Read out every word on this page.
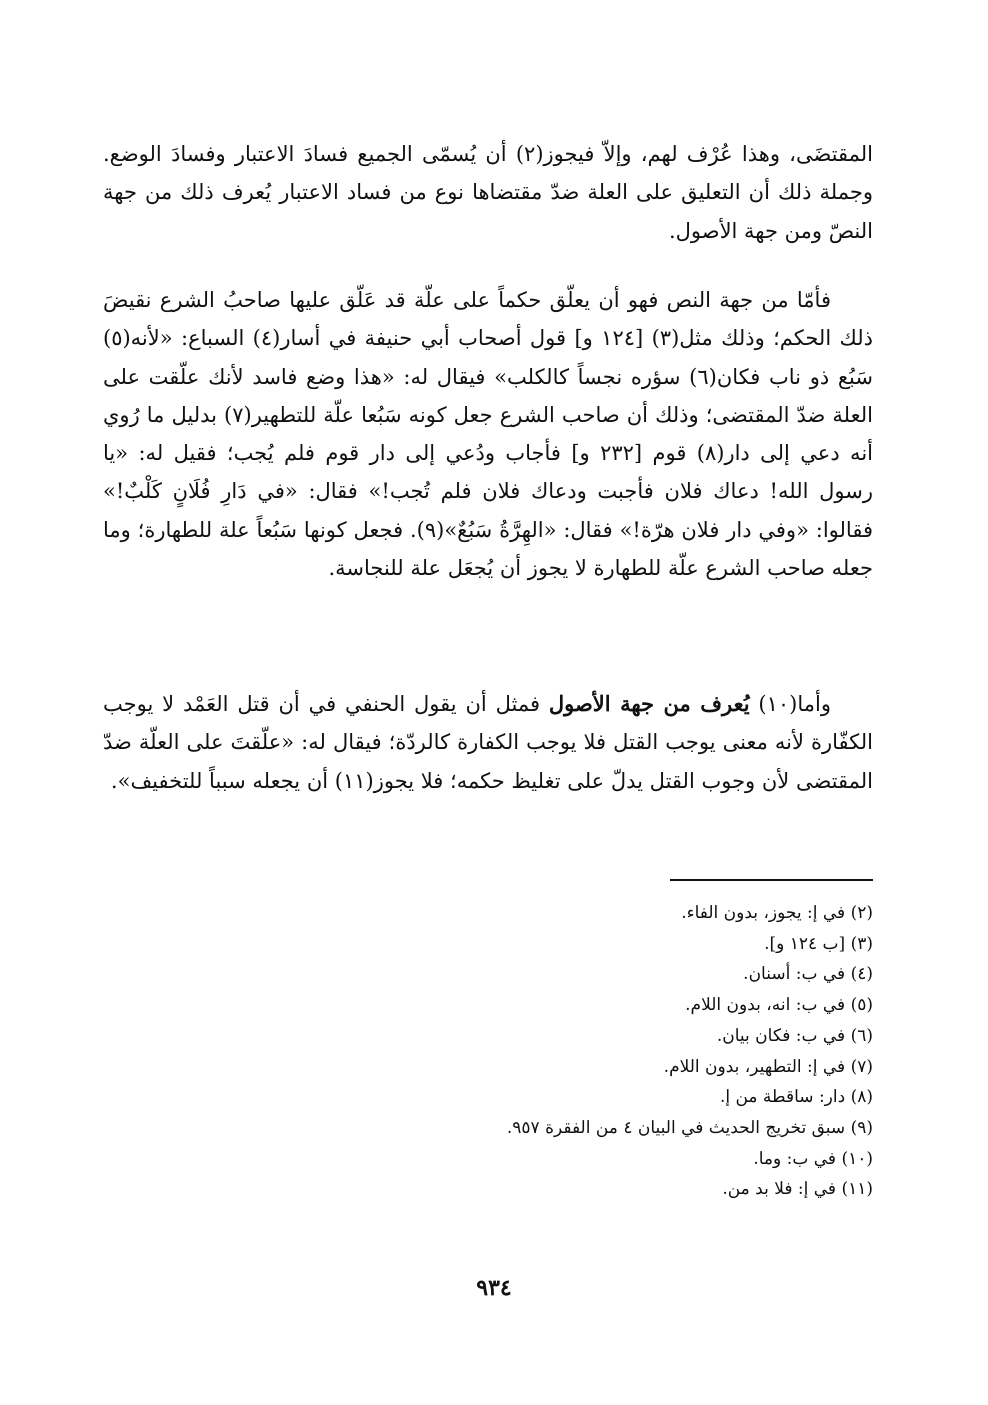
المقتضَى، وهذا عُرْف لهم، وإلاّ فيجوز(٢) أن يُسمّى الجميع فسادَ الاعتبار وفسادَ الوضع. وجملة ذلك أن التعليق على العلة ضدّ مقتضاها نوع من فساد الاعتبار يُعرف ذلك من جهة النصّ ومن جهة الأصول.

فأمّا من جهة النص فهو أن يعلّق حكماً على علّة قد عَلّق عليها صاحبُ الشرع نقيضَ ذلك الحكم؛ وذلك مثل(٣) [١٢٤ و] قول أصحاب أبي حنيفة في أسار(٤) السباع: «لأنه(٥) سَبُع ذو ناب فكان(٦) سؤره نجساً كالكلب» فيقال له: «هذا وضع فاسد لأنك علّقت على العلة ضدّ المقتضى؛ وذلك أن صاحب الشرع جعل كونه سَبُعا علّة للتطهير(٧) بدليل ما رُوي أنه دعي إلى دار(٨) قوم [٢٣٢ و] فأجاب ودُعي إلى دار قوم فلم يُجب؛ فقيل له: «يا رسول الله! دعاك فلان فأجبت ودعاك فلان فلم تُجب!» فقال: «في دَارِ فُلَانٍ كَلْبٌ!» فقالوا: «وفي دار فلان هرّة!» فقال: «الهِرَّةُ سَبُعٌ»(٩). فجعل كونها سَبُعاً علة للطهارة؛ وما جعله صاحب الشرع علّة للطهارة لا يجوز أن يُجعَل علة للنجاسة.

وأما(١٠) يُعرف من جهة الأصول فمثل أن يقول الحنفي في أن قتل العَمْد لا يوجب الكفّارة لأنه معنى يوجب القتل فلا يوجب الكفارة كالردّة؛ فيقال له: «علّقتَ على العلّة ضدّ المقتضى لأن وجوب القتل يدلّ على تغليظ حكمه؛ فلا يجوز(١١) أن يجعله سبباً للتخفيف».

(٢) في إ: يجوز، بدون الفاء.
(٣) [ب ١٢٤ و].
(٤) في ب: أسنان.
(٥) في ب: انه، بدون اللام.
(٦) في ب: فكان بيان.
(٧) في إ: التطهير، بدون اللام.
(٨) دار: ساقطة من إ.
(٩) سبق تخريج الحديث في البيان ٤ من الفقرة ٩٥٧.
(١٠) في ب: وما.
(١١) في إ: فلا بد من.
٩٣٤
